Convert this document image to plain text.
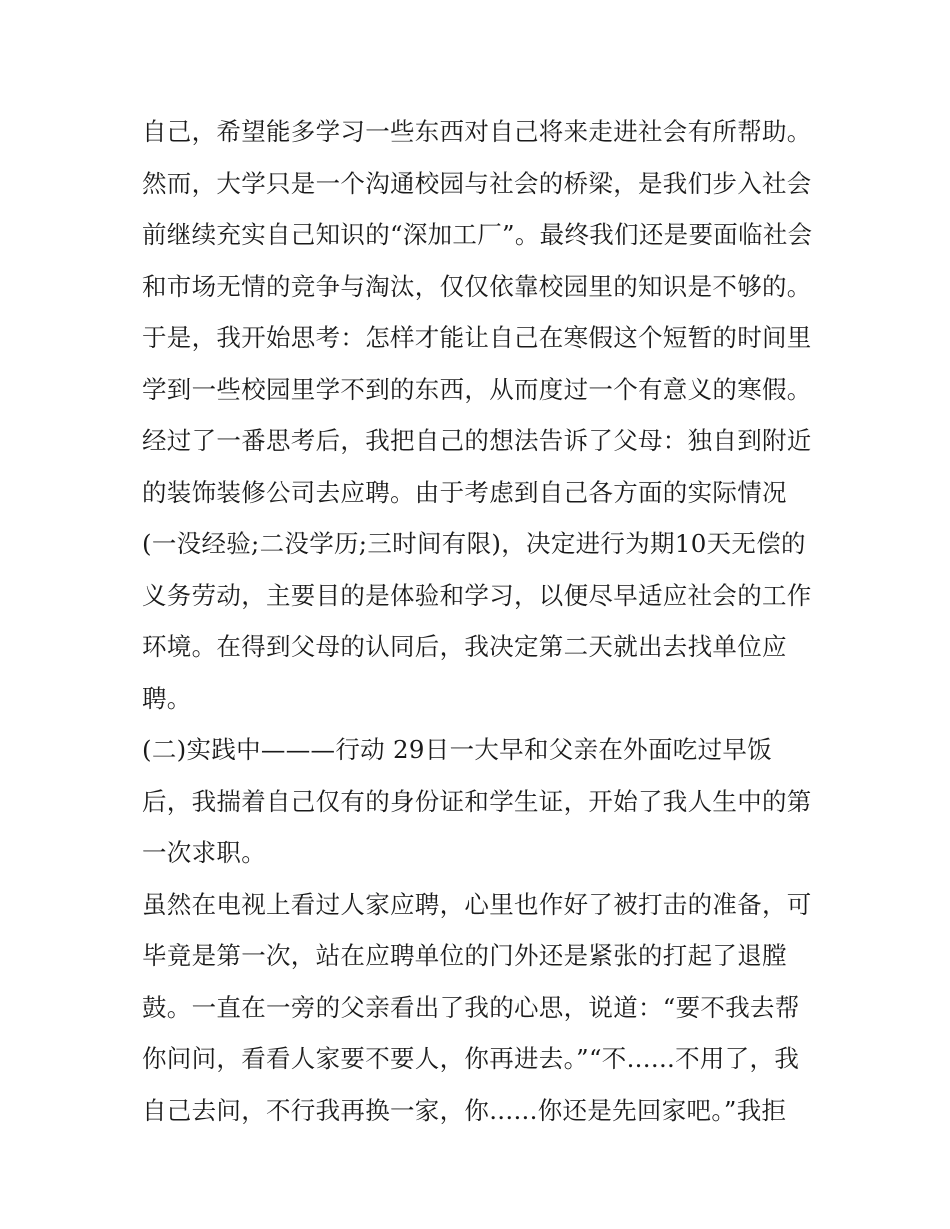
自己，希望能多学习一些东西对自己将来走进社会有所帮助。
然而，大学只是一个沟通校园与社会的桥梁，是我们步入社会
前继续充实自己知识的“深加工厂”。最终我们还是要面临社会
和市场无情的竞争与淘汰，仅仅依靠校园里的知识是不够的。
于是，我开始思考：怎样才能让自己在寒假这个短暂的时间里
学到一些校园里学不到的东西，从而度过一个有意义的寒假。
经过了一番思考后，我把自己的想法告诉了父母：独自到附近
的装饰装修公司去应聘。由于考虑到自己各方面的实际情况
(一没经验;二没学历;三时间有限)，决定进行为期10天无偿的
义务劳动，主要目的是体验和学习，以便尽早适应社会的工作
环境。在得到父母的认同后，我决定第二天就出去找单位应
聘。
(二)实践中———行动 29日一大早和父亲在外面吃过早饭
后，我揣着自己仅有的身份证和学生证，开始了我人生中的第
一次求职。
虽然在电视上看过人家应聘，心里也作好了被打击的准备，可
毕竟是第一次，站在应聘单位的门外还是紧张的打起了退膛
鼓。一直在一旁的父亲看出了我的心思，说道：“要不我去帮
你问问，看看人家要不要人，你再进去。”“不......不用了，我
自己去问，不行我再换一家，你......你还是先回家吧。”我拒
